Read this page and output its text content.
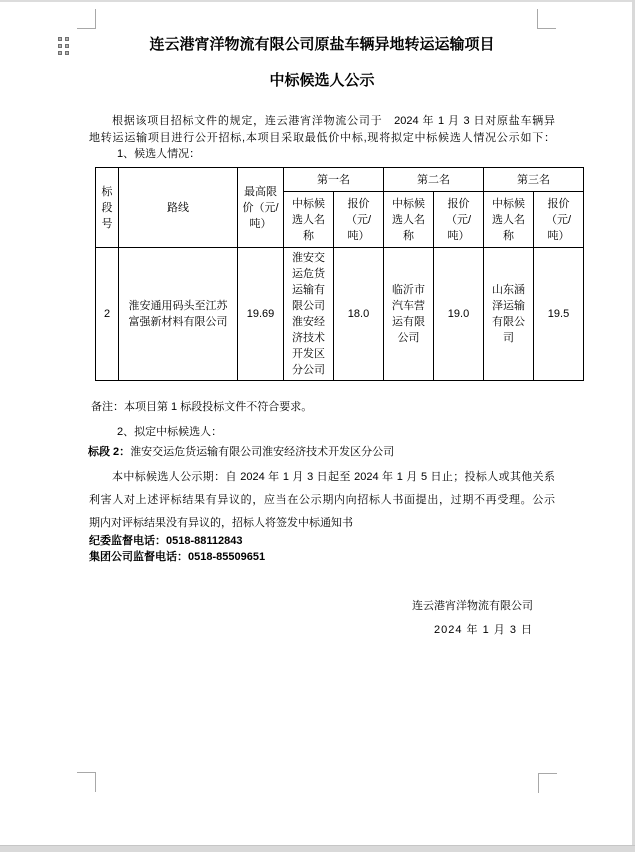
连云港宵洋物流有限公司原盐车辆异地转运运输项目
中标候选人公示
根据该项目招标文件的规定，连云港宵洋物流公司于　2024 年 1 月 3 日对原盐车辆异
地转运运输项目进行公开招标,本项目采取最低价中标,现将拟定中标候选人情况公示如下：
1、候选人情况：
标段号	路线	最高限价（元/吨）	第一名		第二名		第三名	
			中标候选人名称	报价（元/吨）	中标候选人名称	报价（元/吨）	中标候选人名称	报价（元/吨）
2	淮安通用码头至江苏富强新材料有限公司	19.69	淮安交运危货运输有限公司淮安经济技术开发区分公司	18.0	临沂市汽车营运有限公司	19.0	山东涵泽运输有限公司	19.5
备注：本项目第 1 标段投标文件不符合要求。
2、拟定中标候选人：
标段 2：淮安交运危货运输有限公司淮安经济技术开发区分公司
本中标候选人公示期：自 2024 年 1 月 3 日起至 2024 年 1 月 5 日止；投标人或其他关系
利害人对上述评标结果有异议的，应当在公示期内向招标人书面提出，过期不再受理。公示
期内对评标结果没有异议的，招标人将签发中标通知书
纪委监督电话：0518-88112843
集团公司监督电话：0518-85509651
连云港宵洋物流有限公司
2024 年 1 月 3 日
